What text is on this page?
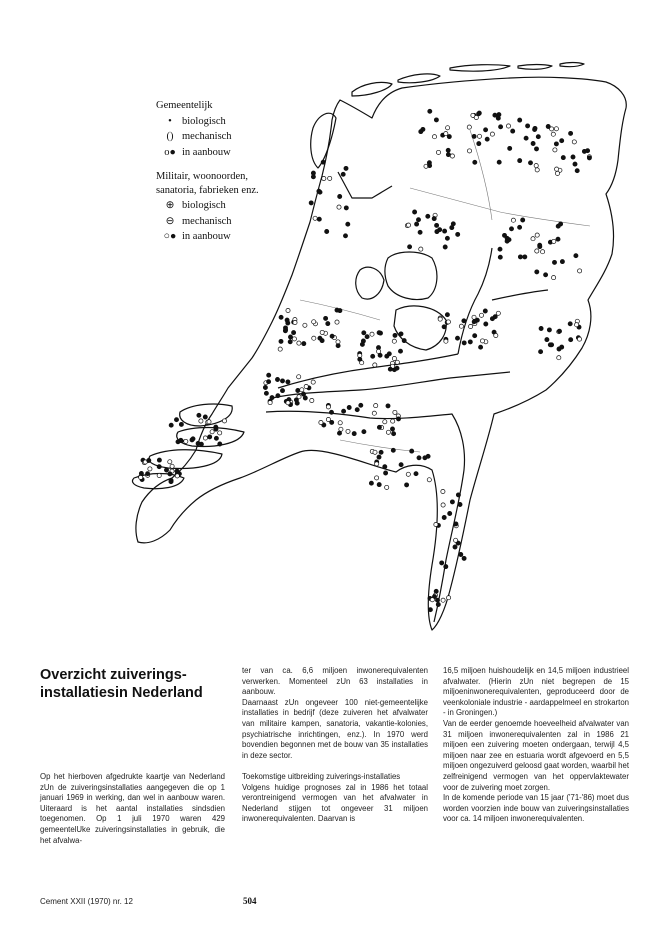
Gemeentelijk
• biologisch
() mechanisch
o● in aanbouw
Militair, woonoorden,
sanatoria, fabrieken enz.
⊕ biologisch
⊖ mechanisch
○● in aanbouw
Overzicht zuiverings-installatiesin Nederland

Op het hierboven afgedrukte kaartje van Nederland zUn de zuiveringsinstallaties aangegeven die op 1 januari 1969 in werking, dan wel in aanbouw waren. Uiteraard is het aantal installaties sindsdien toegenomen. Op 1 juli 1970 waren 429 gemeentelUke zuiveringsinstallaties in gebruik, die het afvalwa-

ter van ca. 6,6 miljoen inwonerequivalenten verwerken. Momenteel zUn 63 installaties in aanbouw.

Daarnaast zUn ongeveer 100 niet-gemeentelijke installaties in bedrijf (deze zuiveren het afvalwater van militaire kampen, sanatoria, vakantie-kolonies, psychiatrische inrichtingen, enz.). In 1970 werd bovendien begonnen met de bouw van 35 installaties in deze sector.

Toekomstige uitbreiding zuiverings-installaties

Volgens huidige prognoses zal in 1986 het totaal verontreinigend vermogen van het afvalwater in Nederland stijgen tot ongeveer 31 miljoen inwonerequivalenten. Daarvan is

16,5 miljoen huishoudelijk en 14,5 miljoen industrieel afvalwater. (Hierin zUn niet begrepen de 15 miljoeninwonerequivalenten, geproduceerd door de veenkoloniale industrie - aardappelmeel en strokarton - in Groningen.)

Van de eerder genoemde hoeveelheid afvalwater van 31 miljoen inwonerequivalenten zal in 1986 21 miljoen een zuivering moeten ondergaan, terwijl 4,5 miljoen naar zee en estuaria wordt afgevoerd en 5,5 miljoen ongezuiverd geloosd gaat worden, waarbil het zelfreinigend vermogen van het oppervlaktewater voor de zuivering moet zorgen.

In de komende periode van 15 jaar ('71-'86) moet dus worden voorzien inde bouw van zuiveringsinstallaties voor ca. 14 miljoen inwonerequivalenten.

Cement XXII (1970) nr. 12	504
